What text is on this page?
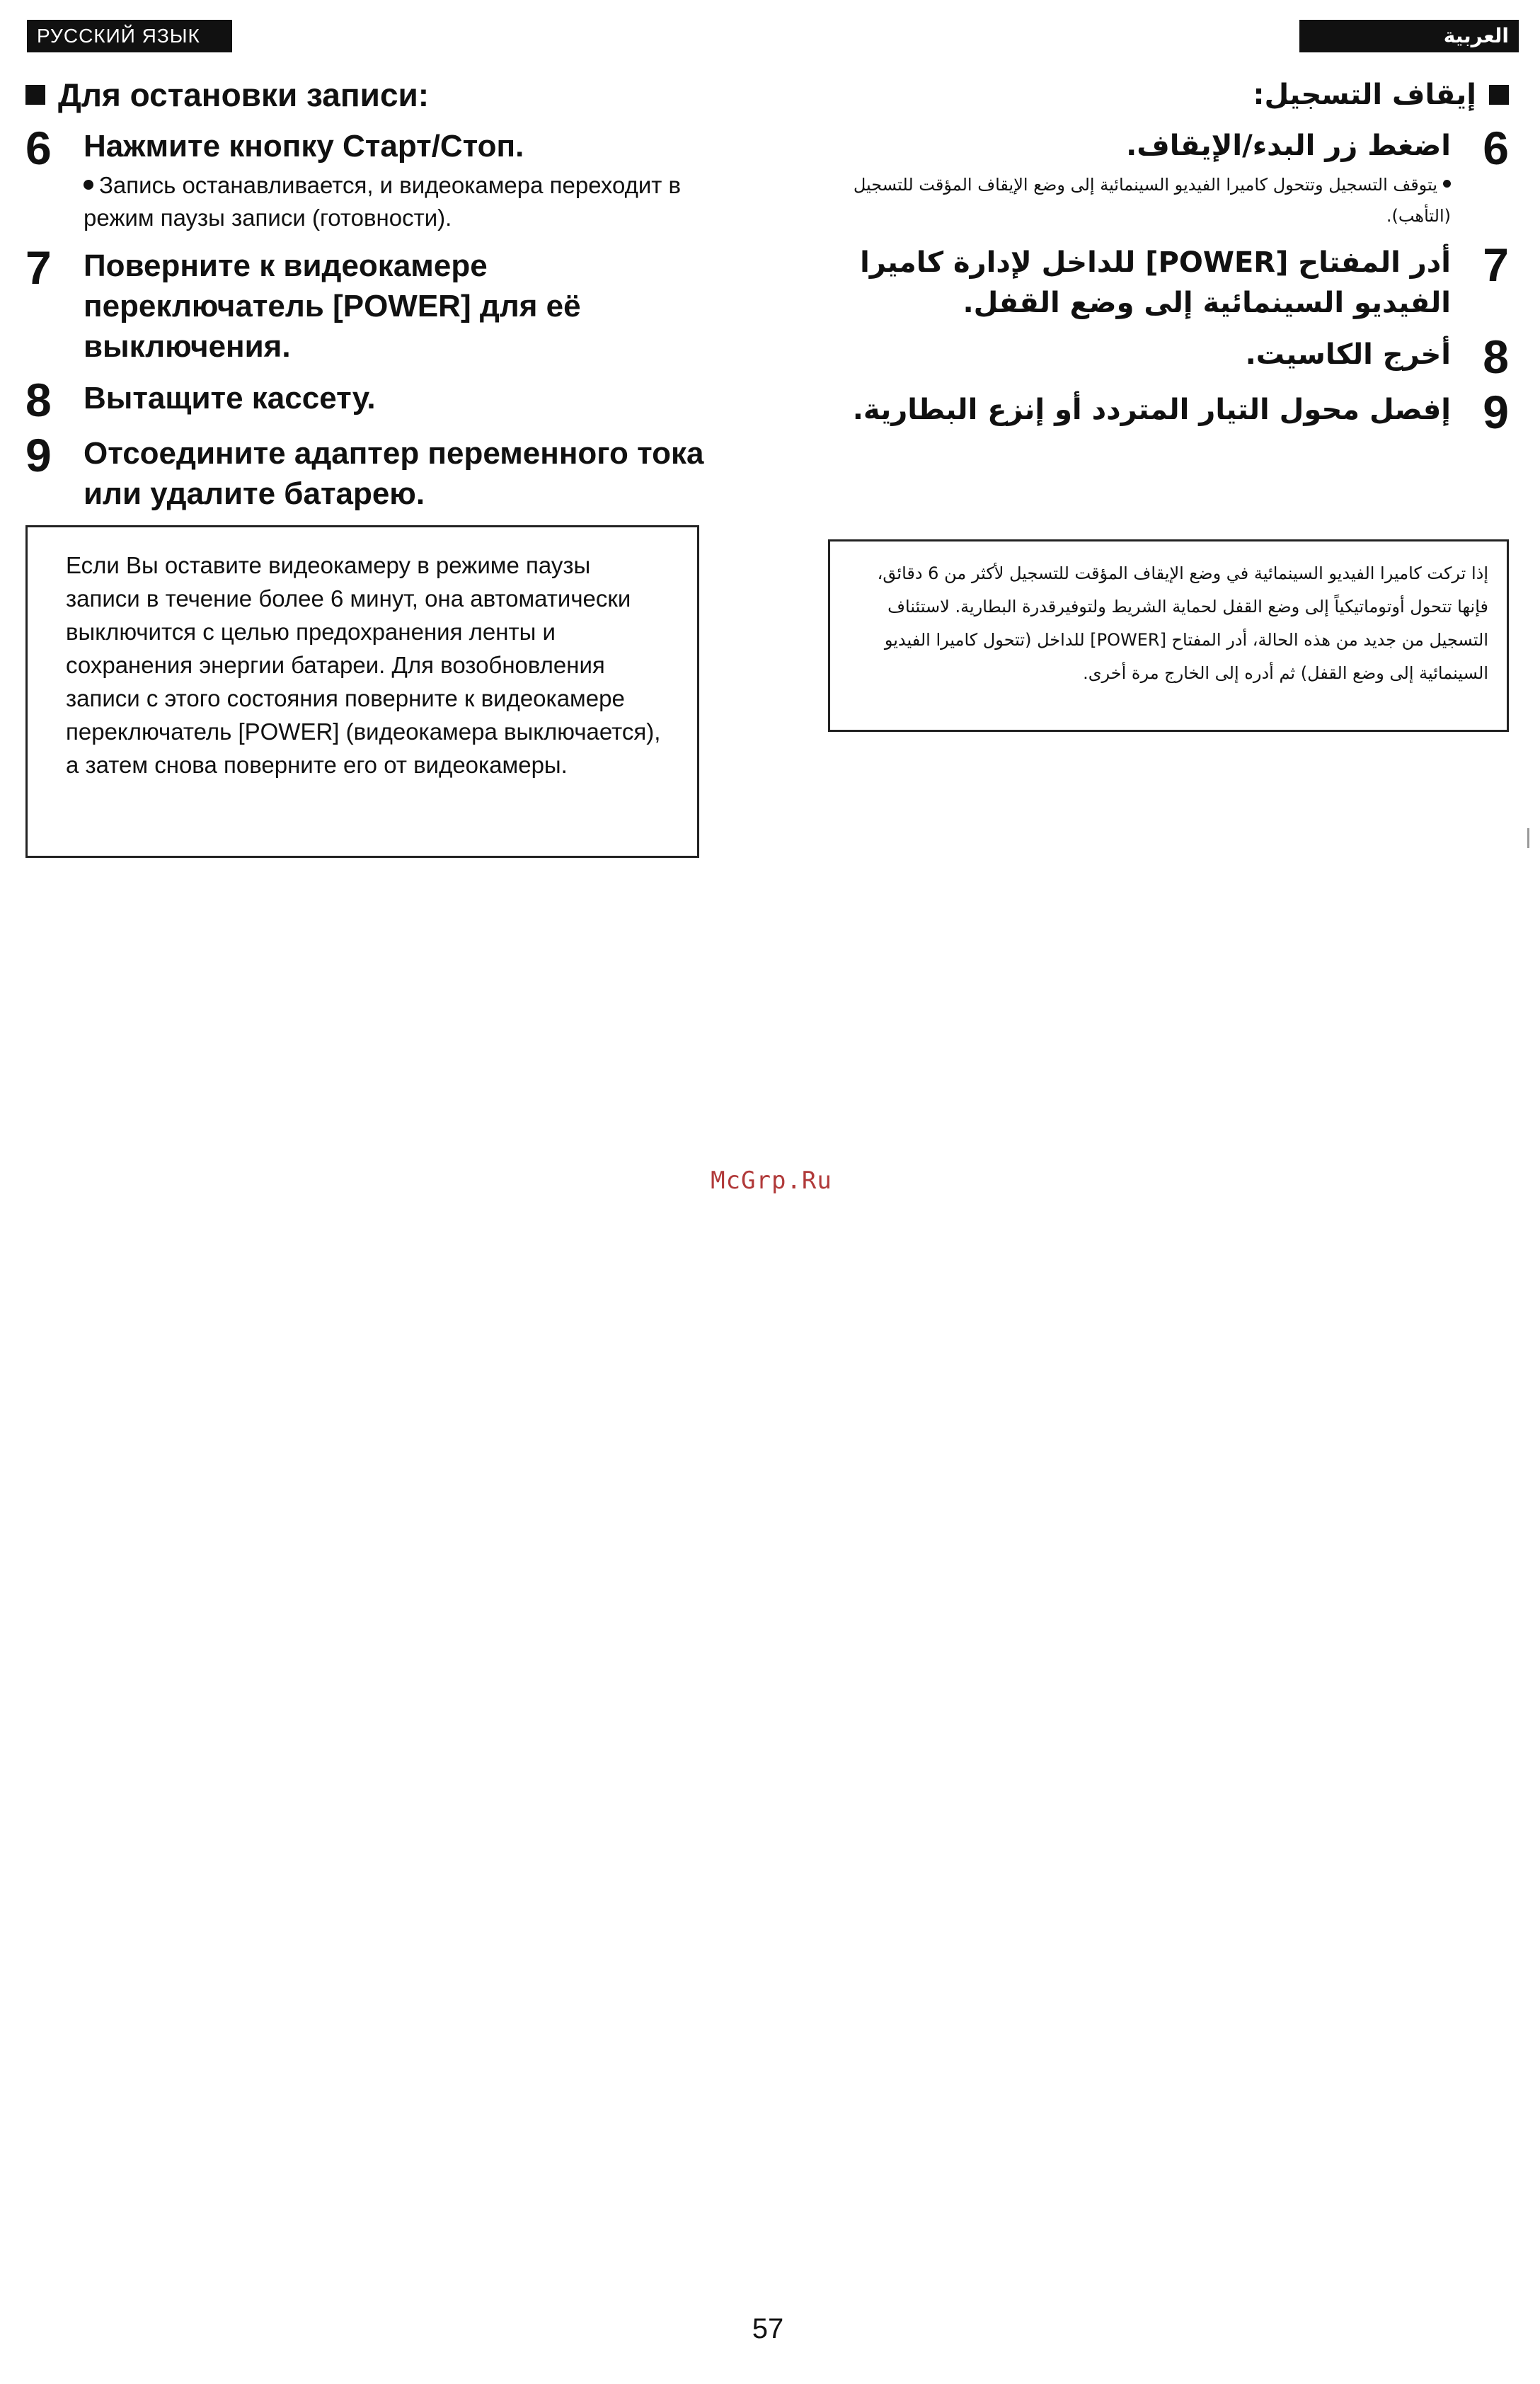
РУССКИЙ ЯЗЫК	العربية
Для остановки записи:
6	Нажмите кнопку Старт/Стоп.
Запись останавливается, и видеокамера переходит в режим паузы записи (готовности).
7	Поверните к видеокамере переключатель [POWER] для её выключения.
8	Вытащите кассету.
9	Отсоедините адаптер переменного тока или удалите батарею.
Если Вы оставите видеокамеру в режиме паузы записи в течение более 6 минут, она автоматически выключится с целью предохранения ленты и сохранения энергии батареи. Для возобновления записи с этого состояния поверните к видеокамере переключатель [POWER] (видеокамера выключается), а затем снова поверните его от видеокамеры.
إيقاف التسجيل:
6
اضغط زر البدء/الإيقاف.
يتوقف التسجيل وتتحول كاميرا الفيديو السينمائية إلى وضع الإيقاف المؤقت للتسجيل (التأهب).
7
أدر المفتاح [POWER] للداخل لإدارة كاميرا الفيديو السينمائية إلى وضع القفل.
8
أخرج الكاسيت.
9
إفصل محول التيار المتردد أو إنزع البطارية.
إذا تركت كاميرا الفيديو السينمائية في وضع الإيقاف المؤقت للتسجيل لأكثر من 6 دقائق، فإنها تتحول أوتوماتيكياً إلى وضع القفل لحماية الشريط ولتوفيرقدرة البطارية. لاستئناف التسجيل من جديد من هذه الحالة، أدر المفتاح [POWER] للداخل (تتحول كاميرا الفيديو السينمائية إلى وضع القفل) ثم أدره إلى الخارج مرة أخرى.
McGrp.Ru
57
